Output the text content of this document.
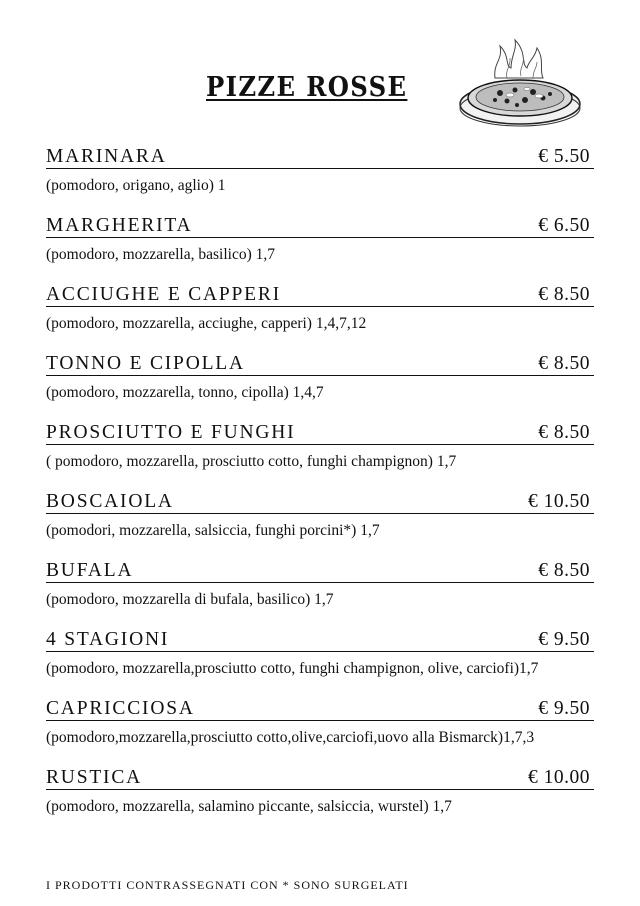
PIZZE ROSSE
MARINARA	€ 5.50
(pomodoro, origano, aglio) 1
MARGHERITA	€ 6.50
(pomodoro, mozzarella, basilico) 1,7
ACCIUGHE E CAPPERI	€ 8.50
(pomodoro, mozzarella, acciughe, capperi) 1,4,7,12
TONNO E CIPOLLA	€ 8.50
(pomodoro, mozzarella, tonno, cipolla) 1,4,7
PROSCIUTTO E FUNGHI	€ 8.50
( pomodoro, mozzarella, prosciutto cotto, funghi champignon) 1,7
BOSCAIOLA	€ 10.50
(pomodori, mozzarella, salsiccia, funghi porcini*) 1,7
BUFALA	€ 8.50
(pomodoro, mozzarella di bufala, basilico) 1,7
4 STAGIONI	€ 9.50
(pomodoro, mozzarella,prosciutto cotto, funghi champignon, olive, carciofi)1,7
CAPRICCIOSA	€ 9.50
(pomodoro,mozzarella,prosciutto cotto,olive,carciofi,uovo alla Bismarck)1,7,3
RUSTICA	€ 10.00
(pomodoro, mozzarella, salamino piccante, salsiccia, wurstel) 1,7
I PRODOTTI CONTRASSEGNATI CON * SONO SURGELATI
